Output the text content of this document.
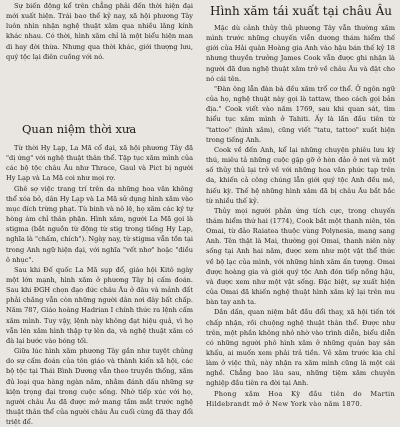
Sự biến động kể trên chẳng phải đến thời hiện đại mới xuất hiện. Trái bao thế kỷ nay, xã hội phương Tây luôn nhìn nhận nghệ thuật xăm qua nhiều lăng kính khác nhau. Có thời, hình xăm chỉ là một biểu hiện man di hay đời thừa. Nhưng qua thời khác, giới thượng lưu, quý tộc lại điên cuồng với nó.

Quan niệm thời xưa

Từ thời Hy Lạp, La Mã cổ đại, xã hội phương Tây đã "dị ứng" với nghệ thuật thân thể. Tập tục xăm mình của các bộ tộc châu Âu như Thrace, Gaul và Pict bị người Hy Lạp và La Mã coi như mọi rợ.

Ghê sợ việc trang trí trên da những hoa văn không thể xóa bỏ, dân Hy Lạp và La Mã sử dụng hình xăm vào mục đích trừng phạt. Tù binh và nô lệ, họ xăm các ký tự hòng ám chỉ thân phận. Hình xăm, người La Mã gọi là stigma (bắt nguồn từ động từ stig trong tiếng Hy Lạp, nghĩa là "chấm, chích"). Ngày nay, từ stigma vẫn tồn tại trong Anh ngữ hiện đại, với nghĩa "vết nhơ" hoặc "điều ô nhục".

Sau khi Đế quốc La Mã sụp đổ, giáo hội Kitô ngày một lớn mạnh, hình xăm ở phương Tây bị cấm đoán. Sau khi ĐGH chọn đạo đức châu Âu ở đâu và mảnh đất phải chăng vẫn còn những người dân nơi đây bất chấp. Năm 787, Giáo hoàng Hadrian I chính thức ra lệnh cấm xăm mình. Tuy vậy, lệnh này không đạt hiệu quả, vì họ vẫn lén xăm hình thập tự lên da, và nghệ thuật xăm có đà lại bước vào bóng tối.

Giữa lúc hình xăm phương Tây gần như tuyệt chủng do sự cấm đoán của tôn giáo và thành kiến xã hội, các bộ tộc tại Thái Bình Dương vẫn theo truyền thống, xăm đủ loại qua hàng ngàn năm, nhằm đánh dấu những sự kiện trọng đại trong cuộc sống. Nhờ tiếp xúc với họ, người châu Âu đã được mở mang tầm mắt trước nghệ thuật thân thể của người châu Âu cuối cùng đã thay đổi triệt để.

Hình xăm tái xuất tại châu Âu

Mặc dù cảnh thủy thủ phương Tây vẫn thường xăm mình trước những chuyến viễn dương thám hiểm thế giới của Hải quân Hoàng gia Anh vào hậu bán thế kỷ 18 nhưng thuyền trưởng James Cook vẫn được ghi nhận là người đã đưa nghệ thuật xăm trở về châu Âu và đặt cho nó cái tên.

"Đàn ông lẫn đàn bà đều xăm trổ cơ thể. Ở ngôn ngữ của họ, nghệ thuật này gọi là tattaw, theo cách gọi bản địa." Cook viết vào năm 1769, sau khi quan sát, tìm hiểu tục xăm mình ở Tahiti. Ấy là lần đầu tiên từ "tattoo" (hình xăm), cũng viết "tatu, tattoo" xuất hiện trong tiếng Anh.

Cook về đến Anh, kể lại những chuyện phiêu lưu kỳ thú, miêu tả những cuộc gặp gỡ ở hòn đảo ở nơi và một số thủy thủ lại trở về với những hoa văn phức tạp trên da, khiến cả công chúng lẫn giới quý tộc Anh đều mê, hiếu kỳ. Thế hệ những hình xăm đã bị châu Âu bắt bắc từ nhiều thế kỷ.

Thủy mọi người phản ứng tích cực, trong chuyến thám hiểm thứ hai (1774), Cook bắt một thanh niên, tên Omai, từ đảo Raiatea thuộc vùng Polynesia, mang sang Anh. Tên thật là Mai, thường gọi Omai, thanh niên này sống tại Anh hai năm, được xem như một vật thể thức về bộ lạc của mình, với những hình xăm ấn tượng. Omai được hoàng gia và giới quý tộc Anh đón tiếp nồng hậu, và được xem như một vật sống. Đặc biệt, sự xuất hiện của Omai đã khiến nghệ thuật hình xăm kỷ lại trên mu bàn tay anh ta.

Dần dần, quan niệm bắt đầu đổi thay, xã hội tiến tới chấp nhận, rồi chuộng nghệ thuật thân thể. Được như trên, một phần không nhỏ nhờ vào trình diễn, biểu diễn có những người phô hình xăm ở những quán bay sân khấu, ai muốn xem phải trả tiền. Vẻ xăm trước kia chỉ làm ở việc thủ, này nhận ra xăm mình cũng là một cái nghề. Chẳng bao lâu sau, những tiệm xăm chuyên nghiệp đầu tiên ra đời tại Anh.

Phong xăm Hoa Kỳ đầu tiên do Martin Hildebrandt mở ở New York vào năm 1870.
